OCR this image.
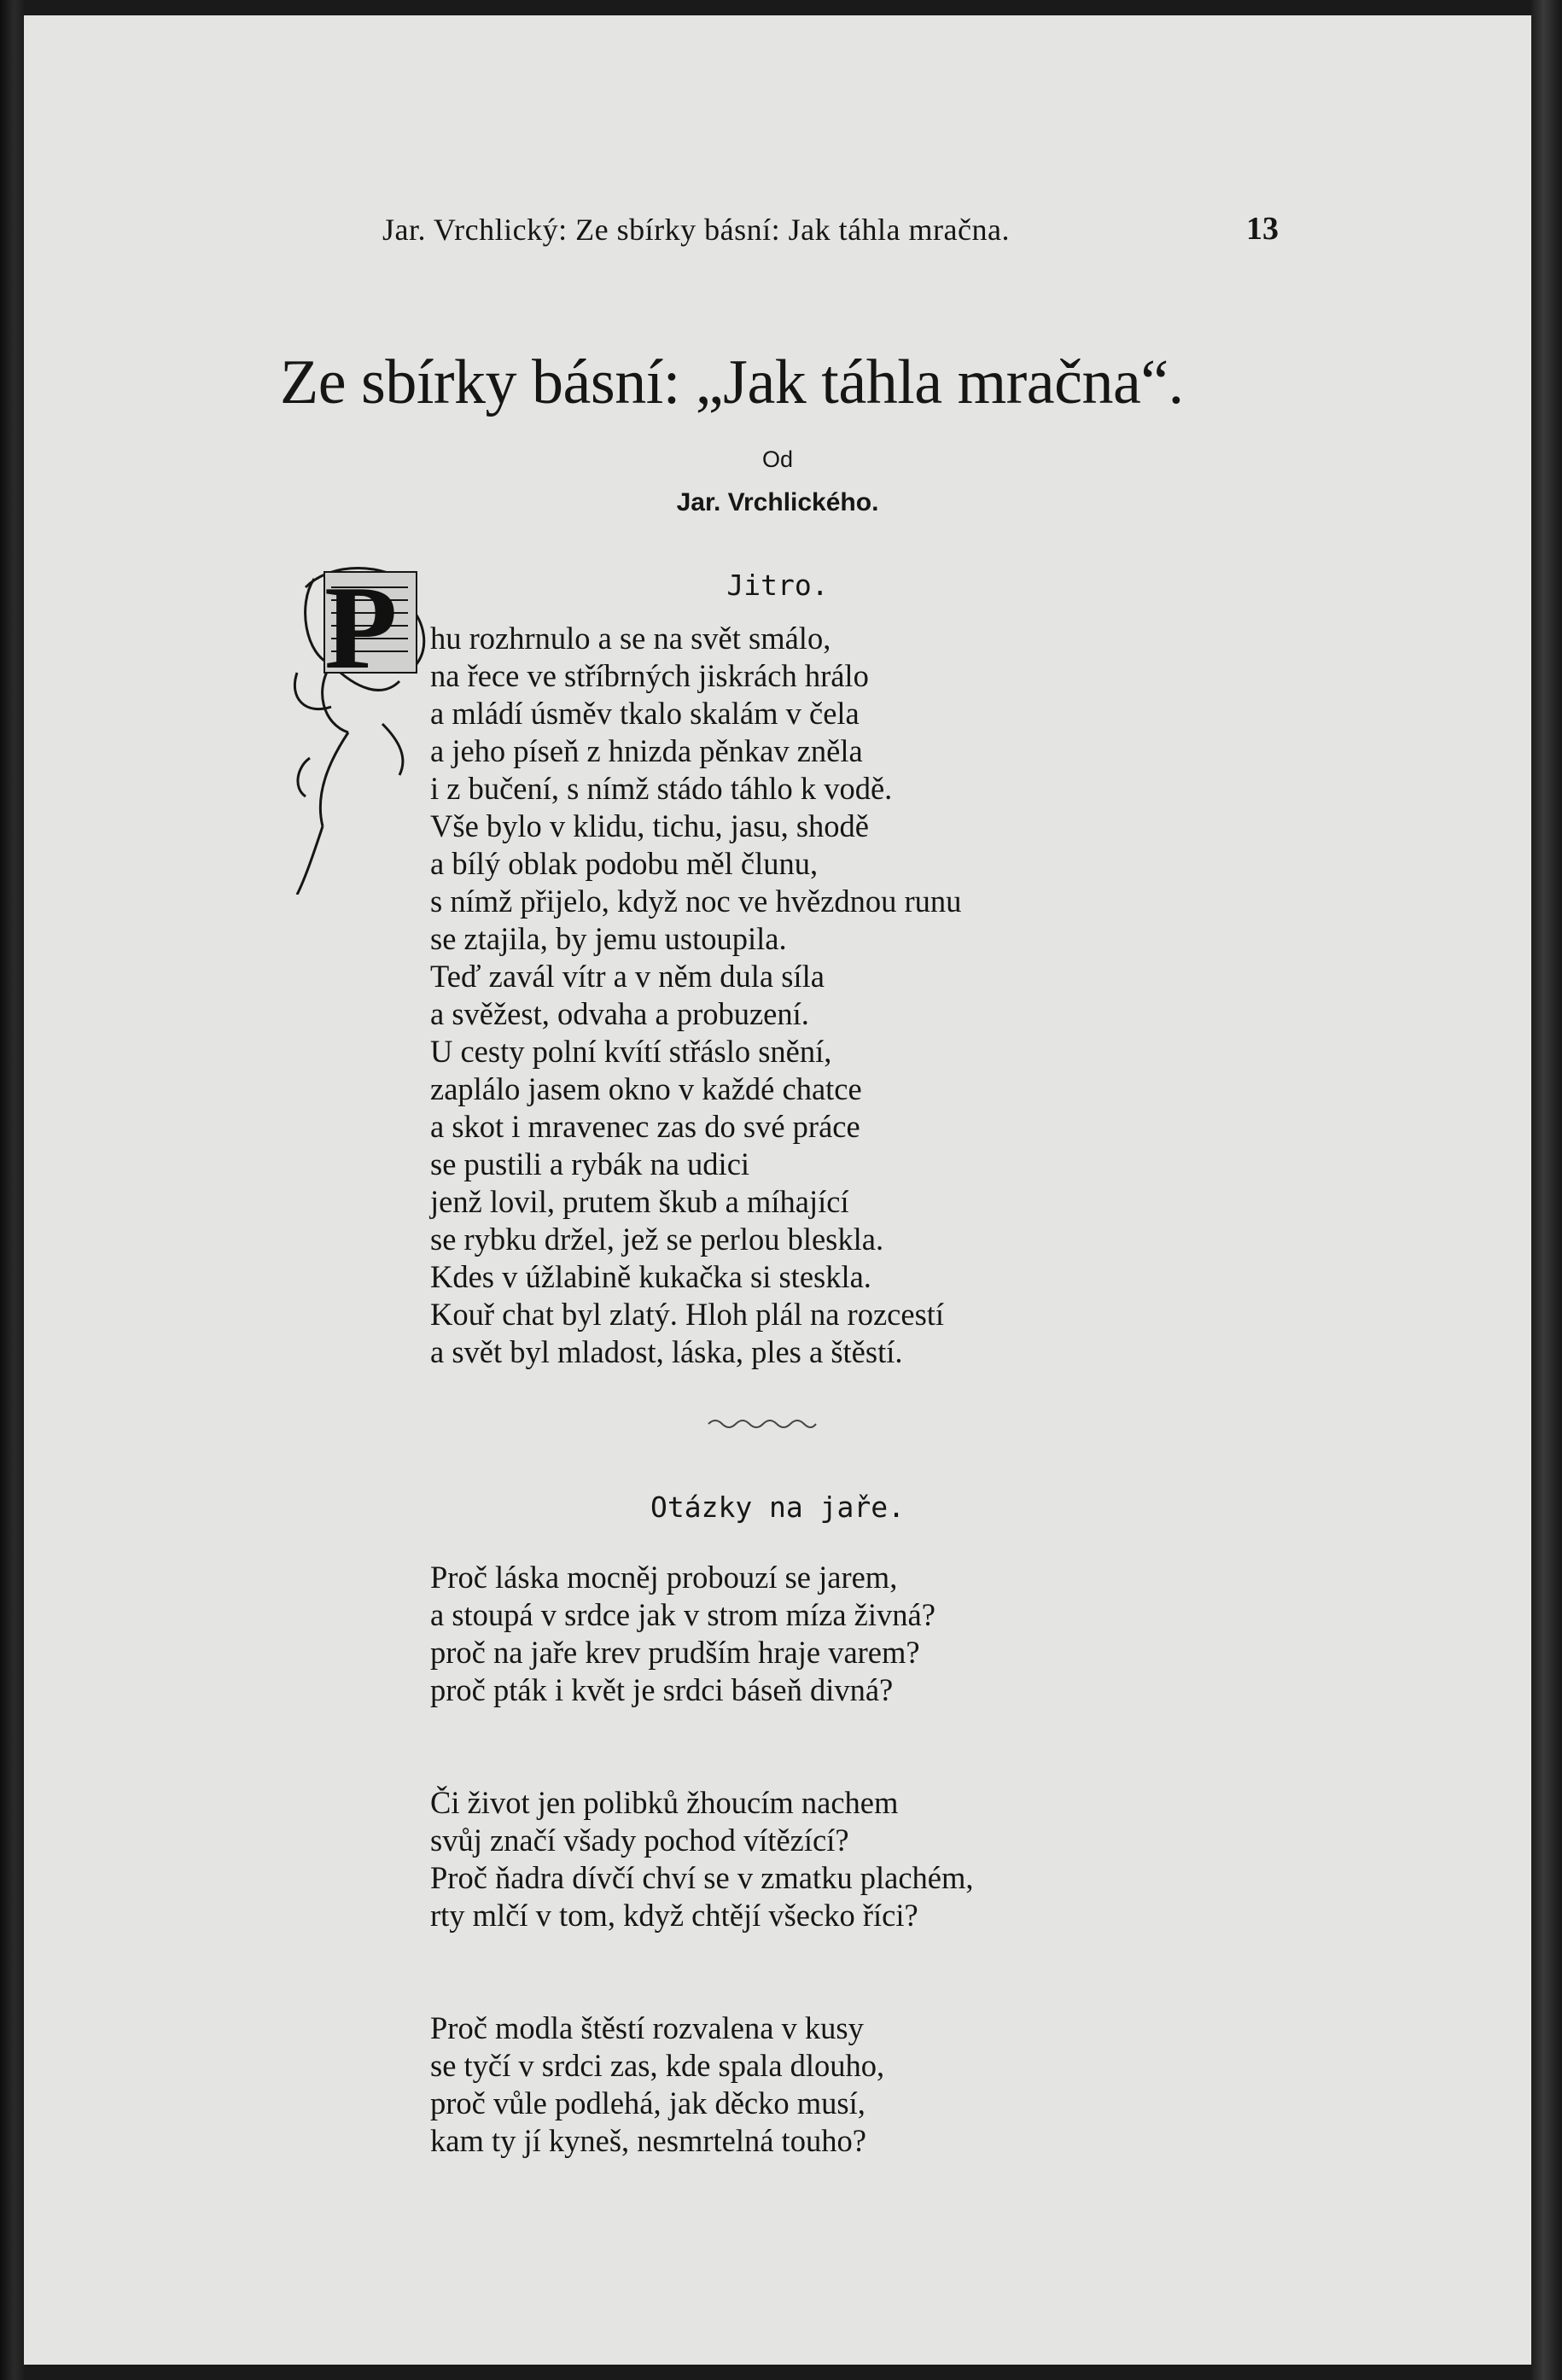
Jar. Vrchlický: Ze sbírky básní: Jak táhla mračna.	13
Ze sbírky básní: „Jak táhla mračna“.
Od
Jar. Vrchlického.
Jitro.
P hu rozhrnulo a se na svět smálo,
na řece ve stříbrných jiskrách hrálo
a mládí úsměv tkalo skalám v čela
a jeho píseň z hnizda pěnkav zněla
i z bučení, s nímž stádo táhlo k vodě.
Vše bylo v klidu, tichu, jasu, shodě
a bílý oblak podobu měl člunu,
s nímž přijelo, když noc ve hvězdnou runu
se ztajila, by jemu ustoupila.
Teď zavál vítr a v něm dula síla
a svěžest, odvaha a probuzení.
U cesty polní kvítí střáslo snění,
zaplálo jasem okno v každé chatce
a skot i mravenec zas do své práce
se pustili a rybák na udici
jenž lovil, prutem škub a míhající
se rybku držel, jež se perlou bleskla.
Kdes v úžlabině kukačka si steskla.
Kouř chat byl zlatý. Hloh plál na rozcestí
a svět byl mladost, láska, ples a štěstí.
Otázky na jaře.
Proč láska mocněj probouzí se jarem,
a stoupá v srdce jak v strom míza živná?
proč na jaře krev prudším hraje varem?
proč pták i květ je srdci báseň divná?
Či život jen polibků žhoucím nachem
svůj značí všady pochod vítězící?
Proč ňadra dívčí chví se v zmatku plachém,
rty mlčí v tom, když chtějí všecko říci?
Proč modla štěstí rozvalena v kusy
se tyčí v srdci zas, kde spala dlouho,
proč vůle podlehá, jak děcko musí,
kam ty jí kyneš, nesmrtelná touho?
